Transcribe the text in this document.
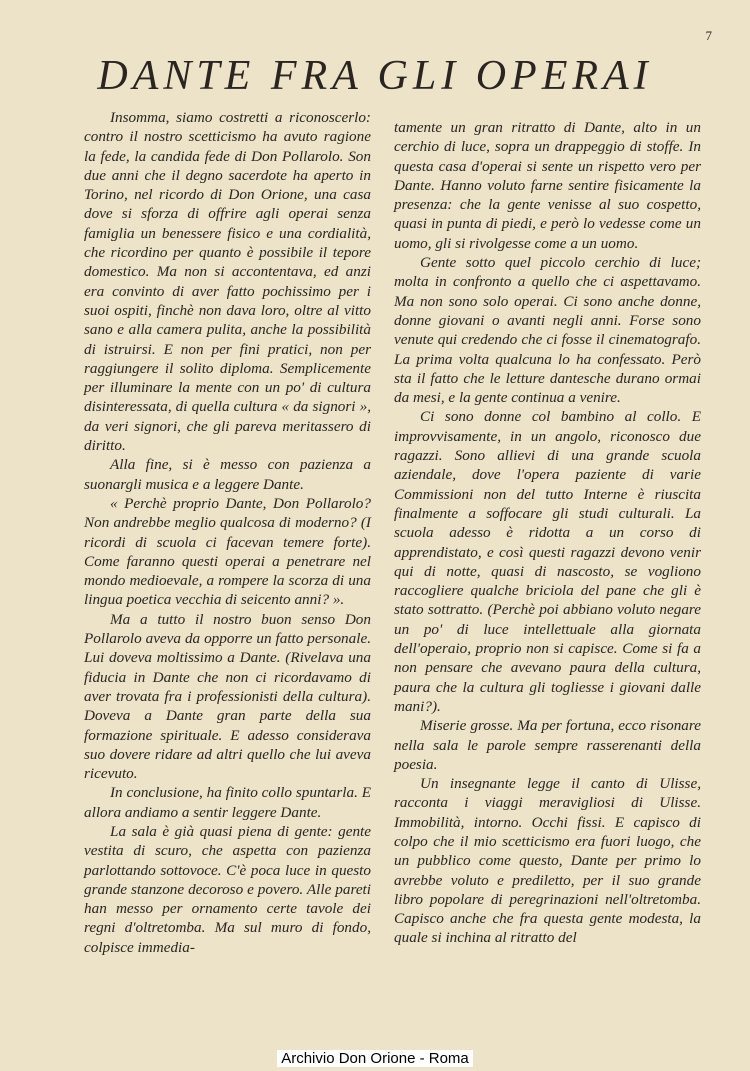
7
DANTE FRA GLI OPERAI

Insomma, siamo costretti a riconoscerlo: contro il nostro scetticismo ha avuto ragione la fede, la candida fede di Don Pollarolo. Son due anni che il degno sacerdote ha aperto in Torino, nel ricordo di Don Orione, una casa dove si sforza di offrire agli operai senza famiglia un benessere fisico e una cordialità, che ricordino per quanto è possibile il tepore domestico. Ma non si accontentava, ed anzi era convinto di aver fatto pochissimo per i suoi ospiti, finchè non dava loro, oltre al vitto sano e alla camera pulita, anche la possibilità di istruirsi. E non per fini pratici, non per raggiungere il solito diploma. Semplicemente per illuminare la mente con un po' di cultura disinteressata, di quella cultura « da signori », da veri signori, che gli pareva meritassero di diritto.

Alla fine, si è messo con pazienza a suonargli musica e a leggere Dante.

« Perchè proprio Dante, Don Pollarolo? Non andrebbe meglio qualcosa di moderno? (I ricordi di scuola ci facevan temere forte). Come faranno questi operai a penetrare nel mondo medioevale, a rompere la scorza di una lingua poetica vecchia di seicento anni? ».

Ma a tutto il nostro buon senso Don Pollarolo aveva da opporre un fatto personale. Lui doveva moltissimo a Dante. (Rivelava una fiducia in Dante che non ci ricordavamo di aver trovata fra i professionisti della cultura). Doveva a Dante gran parte della sua formazione spirituale. E adesso considerava suo dovere ridare ad altri quello che lui aveva ricevuto.

In conclusione, ha finito collo spuntarla. E allora andiamo a sentir leggere Dante.

La sala è già quasi piena di gente: gente vestita di scuro, che aspetta con pazienza parlottando sottovoce. C'è poca luce in questo grande stanzone decoroso e povero. Alle pareti han messo per ornamento certe tavole dei regni d'oltretomba. Ma sul muro di fondo, colpisce immedia-

tamente un gran ritratto di Dante, alto in un cerchio di luce, sopra un drappeggio di stoffe. In questa casa d'operai si sente un rispetto vero per Dante. Hanno voluto farne sentire fisicamente la presenza: che la gente venisse al suo cospetto, quasi in punta di piedi, e però lo vedesse come un uomo, gli si rivolgesse come a un uomo.

Gente sotto quel piccolo cerchio di luce; molta in confronto a quello che ci aspettavamo. Ma non sono solo operai. Ci sono anche donne, donne giovani o avanti negli anni. Forse sono venute qui credendo che ci fosse il cinematografo. La prima volta qualcuna lo ha confessato. Però sta il fatto che le letture dantesche durano ormai da mesi, e la gente continua a venire.

Ci sono donne col bambino al collo. E improvvisamente, in un angolo, riconosco due ragazzi. Sono allievi di una grande scuola aziendale, dove l'opera paziente di varie Commissioni non del tutto Interne è riuscita finalmente a soffocare gli studi culturali. La scuola adesso è ridotta a un corso di apprendistato, e così questi ragazzi devono venir qui di notte, quasi di nascosto, se vogliono raccogliere qualche briciola del pane che gli è stato sottratto. (Perchè poi abbiano voluto negare un po' di luce intellettuale alla giornata dell'operaio, proprio non si capisce. Come si fa a non pensare che avevano paura della cultura, paura che la cultura gli togliesse i giovani dalle mani?).

Miserie grosse. Ma per fortuna, ecco risonare nella sala le parole sempre rasserenanti della poesia.

Un insegnante legge il canto di Ulisse, racconta i viaggi meravigliosi di Ulisse. Immobilità, intorno. Occhi fissi. E capisco di colpo che il mio scetticismo era fuori luogo, che un pubblico come questo, Dante per primo lo avrebbe voluto e prediletto, per il suo grande libro popolare di peregrinazioni nell'oltretomba. Capisco anche che fra questa gente modesta, la quale si inchina al ritratto del

Archivio Don Orione - Roma
